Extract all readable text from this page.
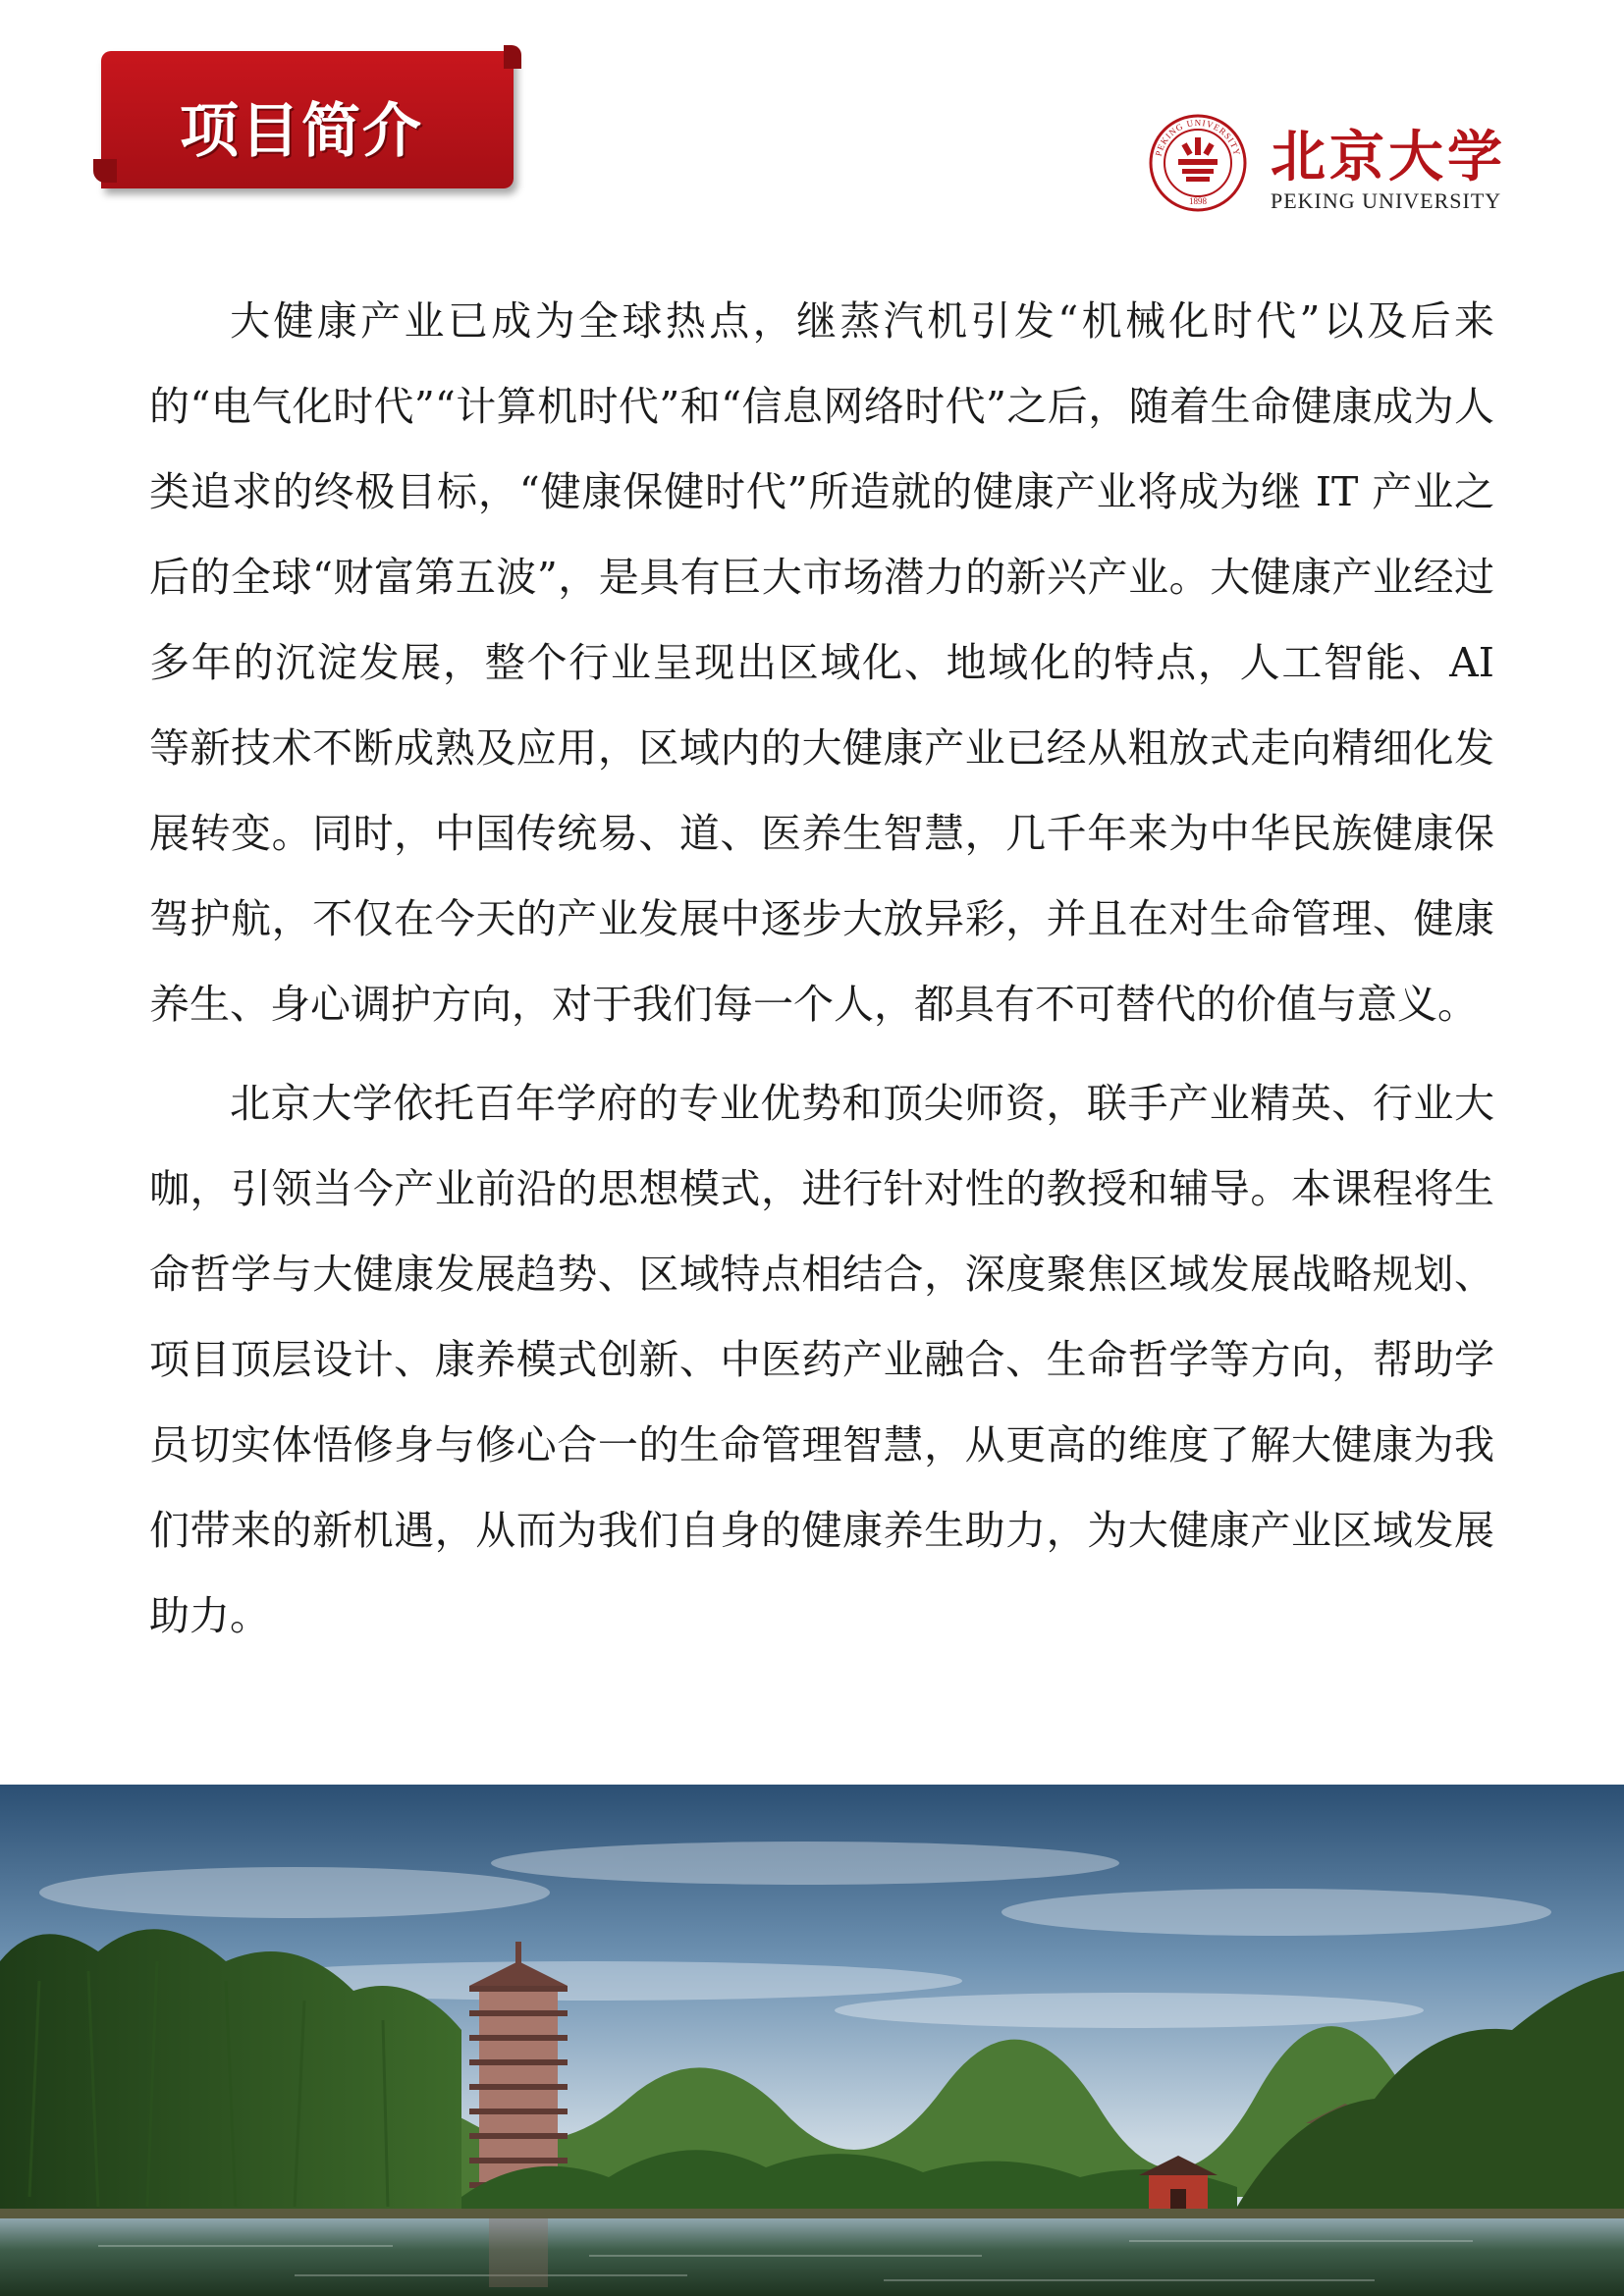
项目简介	PEKING UNIVERSITY
1898
北京大学
PEKING UNIVERSITY

大健康产业已成为全球热点，继蒸汽机引发“机械化时代”以及后来的“电气化时代”“计算机时代”和“信息网络时代”之后，随着生命健康成为人类追求的终极目标，“健康保健时代”所造就的健康产业将成为继 IT 产业之后的全球“财富第五波”，是具有巨大市场潜力的新兴产业。大健康产业经过多年的沉淀发展，整个行业呈现出区域化、地域化的特点，人工智能、AI 等新技术不断成熟及应用，区域内的大健康产业已经从粗放式走向精细化发展转变。同时，中国传统易、道、医养生智慧，几千年来为中华民族健康保驾护航，不仅在今天的产业发展中逐步大放异彩，并且在对生命管理、健康养生、身心调护方向，对于我们每一个人，都具有不可替代的价值与意义。

北京大学依托百年学府的专业优势和顶尖师资，联手产业精英、行业大咖，引领当今产业前沿的思想模式，进行针对性的教授和辅导。本课程将生命哲学与大健康发展趋势、区域特点相结合，深度聚焦区域发展战略规划、项目顶层设计、康养模式创新、中医药产业融合、生命哲学等方向，帮助学员切实体悟修身与修心合一的生命管理智慧，从更高的维度了解大健康为我们带来的新机遇，从而为我们自身的健康养生助力，为大健康产业区域发展助力。
